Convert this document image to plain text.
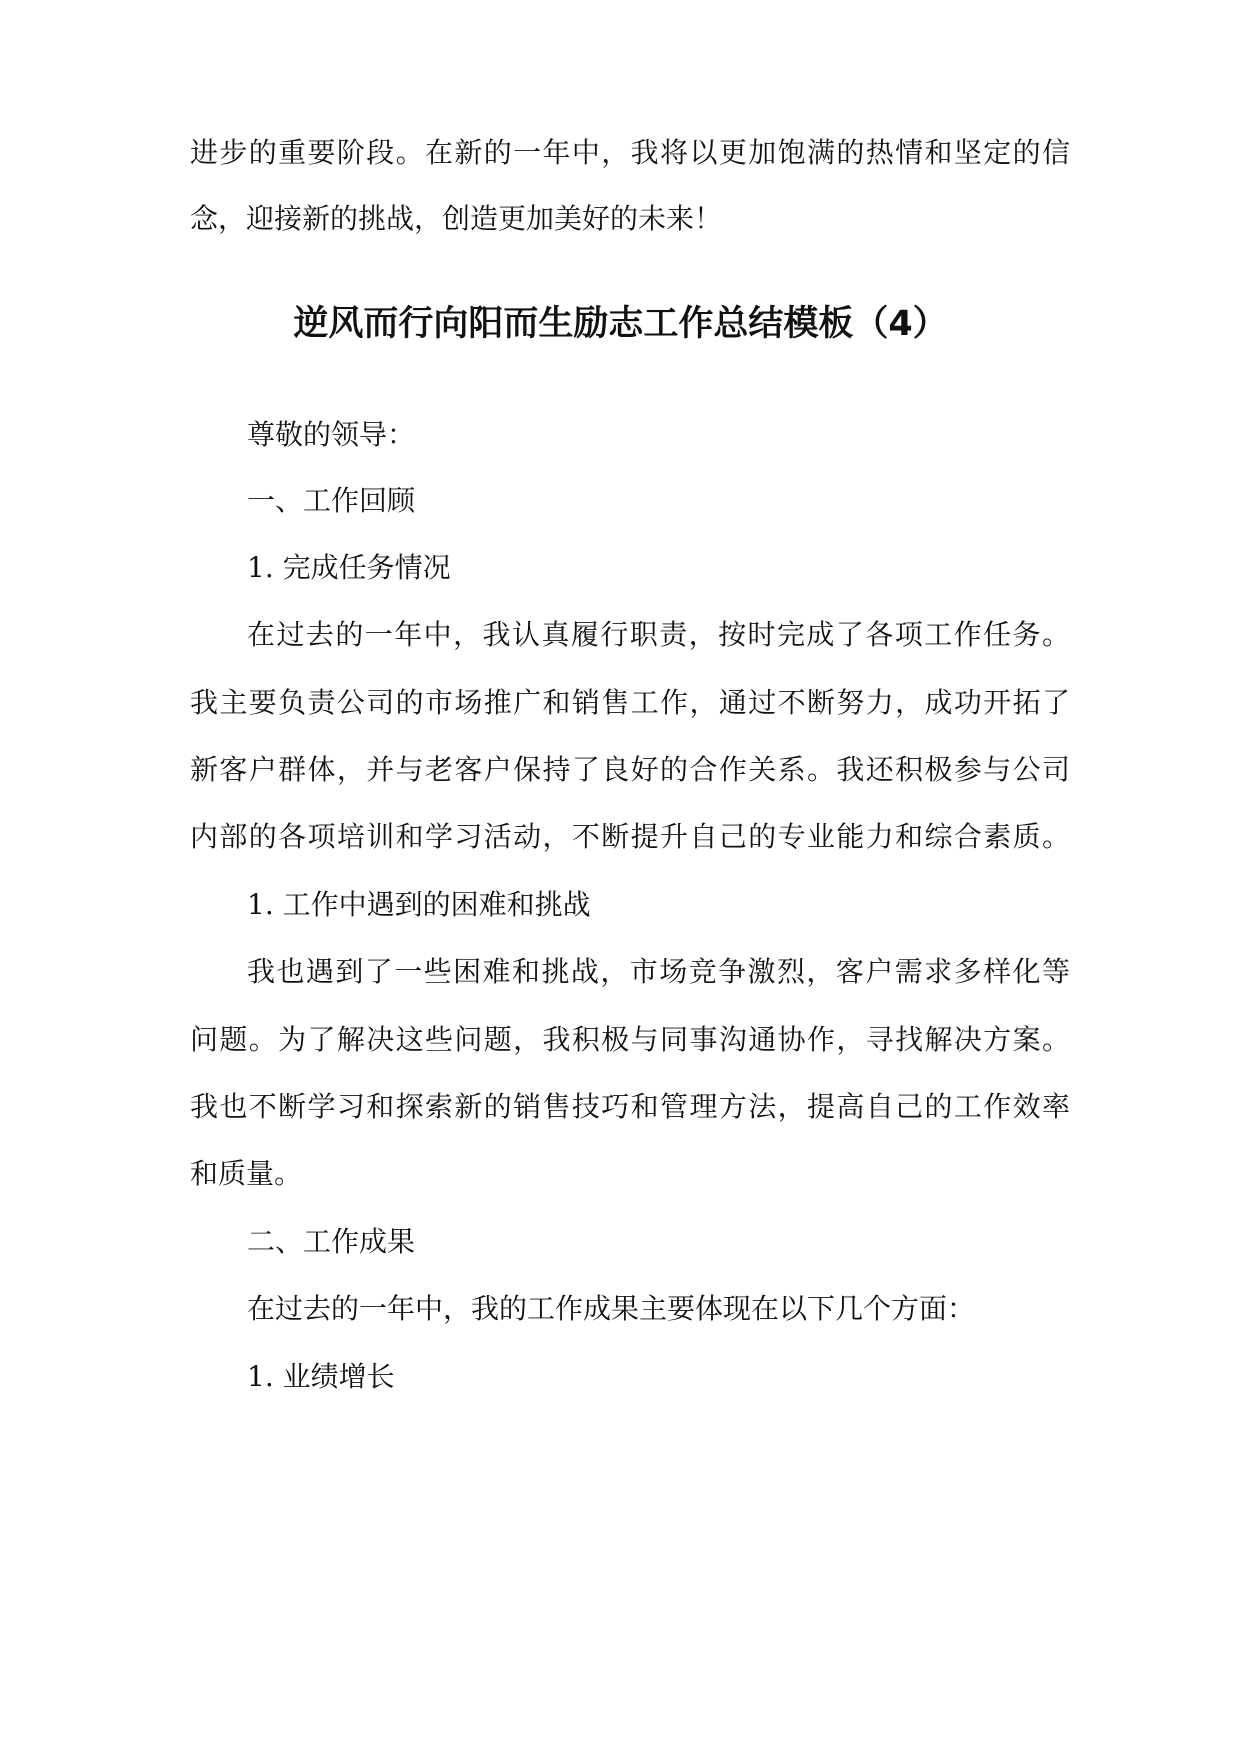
进步的重要阶段。在新的一年中，我将以更加饱满的热情和坚定的信
念，迎接新的挑战，创造更加美好的未来！
逆风而行向阳而生励志工作总结模板（4）
尊敬的领导：
一、工作回顾
1. 完成任务情况
在过去的一年中，我认真履行职责，按时完成了各项工作任务。
我主要负责公司的市场推广和销售工作，通过不断努力，成功开拓了
新客户群体，并与老客户保持了良好的合作关系。我还积极参与公司
内部的各项培训和学习活动，不断提升自己的专业能力和综合素质。
1. 工作中遇到的困难和挑战
我也遇到了一些困难和挑战，市场竞争激烈，客户需求多样化等
问题。为了解决这些问题，我积极与同事沟通协作，寻找解决方案。
我也不断学习和探索新的销售技巧和管理方法，提高自己的工作效率
和质量。
二、工作成果
在过去的一年中，我的工作成果主要体现在以下几个方面：
1. 业绩增长
